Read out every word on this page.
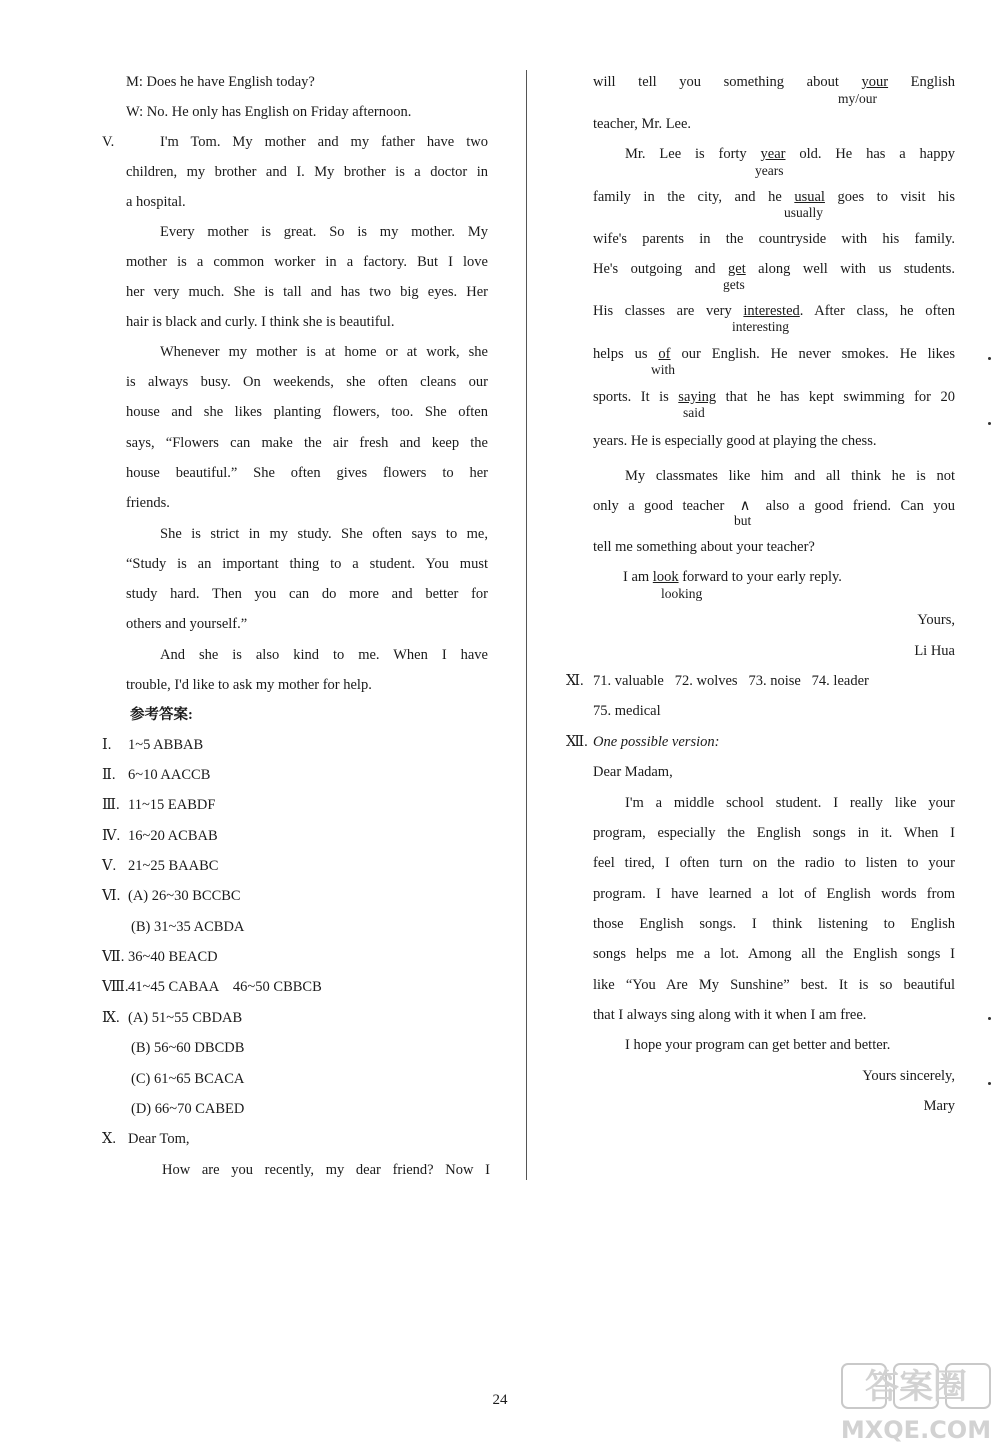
M: Does he have English today?
W: No. He only has English on Friday afternoon.
V.	I'm Tom. My mother and my father have two
children, my brother and I. My brother is a doctor in
a hospital.
Every mother is great. So is my mother. My
mother is a common worker in a factory. But I love
her very much. She is tall and has two big eyes. Her
hair is black and curly. I think she is beautiful.
Whenever my mother is at home or at work, she
is always busy. On weekends, she often cleans our
house and she likes planting flowers, too. She often
says, “Flowers can make the air fresh and keep the
house beautiful.” She often gives flowers to her
friends.
She is strict in my study. She often says to me,
“Study is an important thing to a student. You must
study hard. Then you can do more and better for
others and yourself.”
And she is also kind to me. When I have
trouble, I'd like to ask my mother for help.
参考答案:
Ⅰ. 1~5 ABBAB
Ⅱ. 6~10 AACCB
Ⅲ. 11~15 EABDF
Ⅳ. 16~20 ACBAB
Ⅴ. 21~25 BAABC
Ⅵ. (A) 26~30 BCCBC
(B) 31~35 ACBDA
Ⅶ. 36~40 BEACD
Ⅷ. 41~45 CABAA    46~50 CBBCB
Ⅸ. (A) 51~55 CBDAB
(B) 56~60 DBCDB
(C) 61~65 BCACA
(D) 66~70 CABED
Ⅹ. Dear Tom,
How are you recently, my dear friend? Now I
will tell you something about your English
my/our
teacher, Mr. Lee.
Mr. Lee is forty year old. He has a happy
years
family in the city, and he usual goes to visit his
usually
wife's parents in the countryside with his family.
He's outgoing and get along well with us students.
gets
His classes are very interested. After class, he often
interesting
helps us of our English. He never smokes. He likes
with
sports. It is saying that he has kept swimming for 20
said
years. He is especially good at playing the chess.
My classmates like him and all think he is not
only a good teacher ∧ also a good friend. Can you
but
tell me something about your teacher?
I am look forward to your early reply.
looking
Yours,
Li Hua
Ⅺ. 71. valuable   72. wolves   73. noise   74. leader
75. medical
Ⅻ. One possible version:
Dear Madam,
I'm a middle school student. I really like your
program, especially the English songs in it. When I
feel tired, I often turn on the radio to listen to your
program. I have learned a lot of English words from
those English songs. I think listening to English
songs helps me a lot. Among all the English songs I
like “You Are My Sunshine” best. It is so beautiful
that I always sing along with it when I am free.
I hope your program can get better and better.
Yours sincerely,
Mary
24	答案圈
MXQE.COM
